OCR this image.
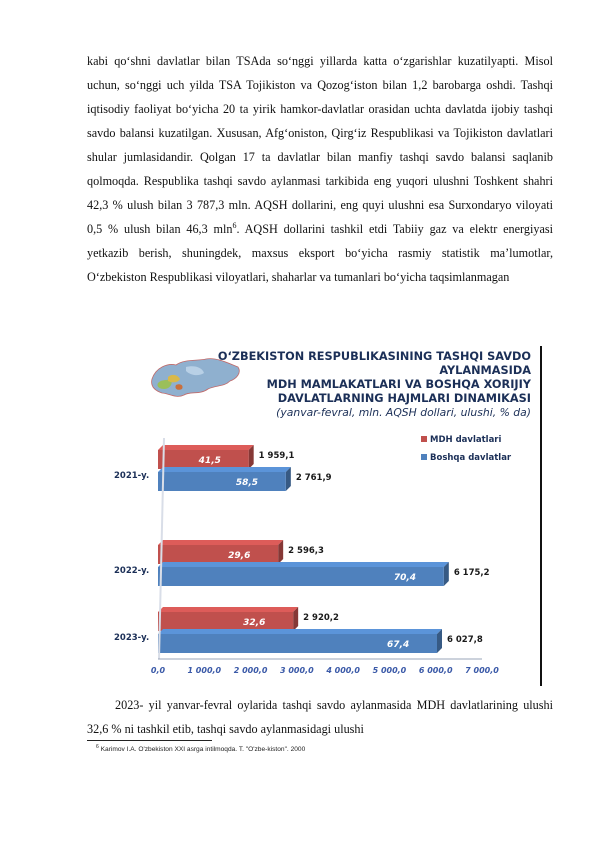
kabi qo‘shni davlatlar bilan TSAda so‘nggi yillarda katta o‘zgarishlar kuzatilyapti. Misol uchun, so‘nggi uch yilda TSA Tojikiston va Qozog‘iston bilan 1,2 barobarga oshdi. Tashqi iqtisodiy faoliyat bo‘yicha 20 ta yirik hamkor-davlatlar orasidan uchta davlatda ijobiy tashqi savdo balansi kuzatilgan. Xususan, Afg‘oniston, Qirg‘iz Respublikasi va Tojikiston davlatlari shular jumlasidandir. Qolgan 17 ta davlatlar bilan manfiy tashqi savdo balansi saqlanib qolmoqda. Respublika tashqi savdo aylanmasi tarkibida eng yuqori ulushni Toshkent shahri 42,3 % ulush bilan 3 787,3 mln. AQSH dollarini, eng quyi ulushni esa Surxondaryo viloyati 0,5 % ulush bilan 46,3 mln$^6$. AQSH dollarini tashkil etdi Tabiiy gaz va elektr energiyasi yetkazib berish, shuningdek, maxsus eksport bo‘yicha rasmiy statistik ma’lumotlar, O‘zbekiston Respublikasi viloyatlari, shaharlar va tumanlari bo‘yicha taqsimlanmagan
O‘ZBEKISTON RESPUBLIKASINING TASHQI SAVDO AYLANMASIDA
MDH MAMLAKATLARI VA BOSHQA XORIJIY
DAVLATLARNING HAJMLARI DINAMIKASI
(yanvar-fevral, mln. AQSH dollari, ulushi, % da)
2021-y.
41,5	1 959,1
58,5	2 761,9
2022-y.
29,6	2 596,3
70,4	6 175,2
2023-y.
32,6	2 920,2
67,4	6 027,8
MDH davlatlari
Boshqa davlatlar
0,0	1 000,0 2 000,0 3 000,0 4 000,0 5 000,0 6 000,0 7 000,0
2023- yil yanvar-fevral oylarida tashqi savdo aylanmasida MDH davlatlarining ulushi 32,6 % ni tashkil etib, tashqi savdo aylanmasidagi ulushi
$^6$ Karimov I.A. O'zbekiston XXI asrga intilmoqda. T. "O'zbe-kiston". 2000
